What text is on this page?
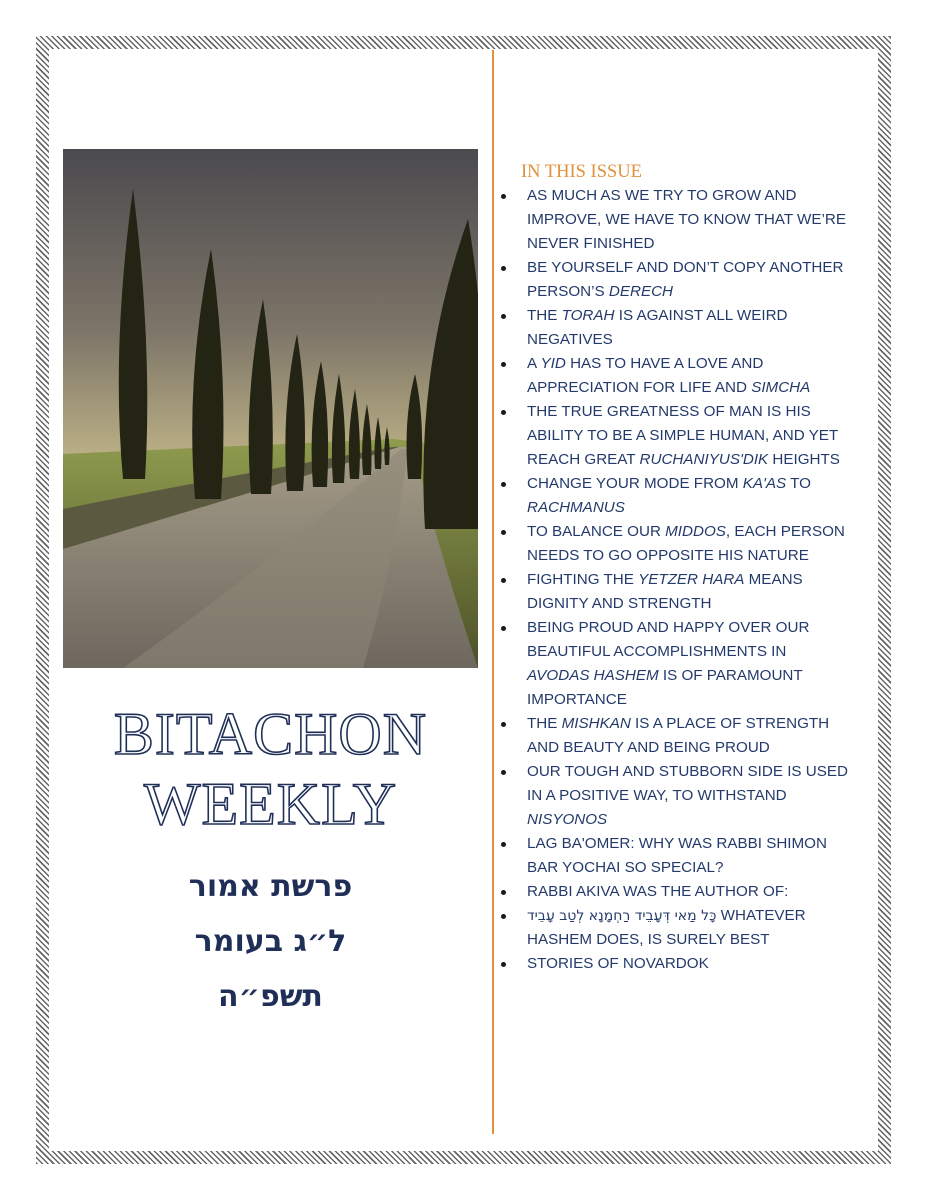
BITACHON
WEEKLY
פרשת אמור
ל״ג בעומר
תשפ״ה
IN THIS ISSUE
AS MUCH AS WE TRY TO GROW AND IMPROVE, WE HAVE TO KNOW THAT WE’RE NEVER FINISHED
BE YOURSELF AND DON’T COPY ANOTHER PERSON’S DERECH
THE TORAH IS AGAINST ALL WEIRD NEGATIVES
A YID HAS TO HAVE A LOVE AND APPRECIATION FOR LIFE AND SIMCHA
THE TRUE GREATNESS OF MAN IS HIS ABILITY TO BE A SIMPLE HUMAN, AND YET REACH GREAT RUCHANIYUS'DIK HEIGHTS
CHANGE YOUR MODE FROM KA'AS TO RACHMANUS
TO BALANCE OUR MIDDOS, EACH PERSON NEEDS TO GO OPPOSITE HIS NATURE
FIGHTING THE YETZER HARA MEANS DIGNITY AND STRENGTH
BEING PROUD AND HAPPY OVER OUR BEAUTIFUL ACCOMPLISHMENTS IN AVODAS HASHEM IS OF PARAMOUNT IMPORTANCE
THE MISHKAN IS A PLACE OF STRENGTH AND BEAUTY AND BEING PROUD
OUR TOUGH AND STUBBORN SIDE IS USED IN A POSITIVE WAY, TO WITHSTAND NISYONOS
LAG BA'OMER: WHY WAS RABBI SHIMON BAR YOCHAI SO SPECIAL?
RABBI AKIVA WAS THE AUTHOR OF:
כָּל מַאי דְּעָבֵיד רַחְמָנָא לְטַב עָבֵיד WHATEVER HASHEM DOES, IS SURELY BEST
STORIES OF NOVARDOK
